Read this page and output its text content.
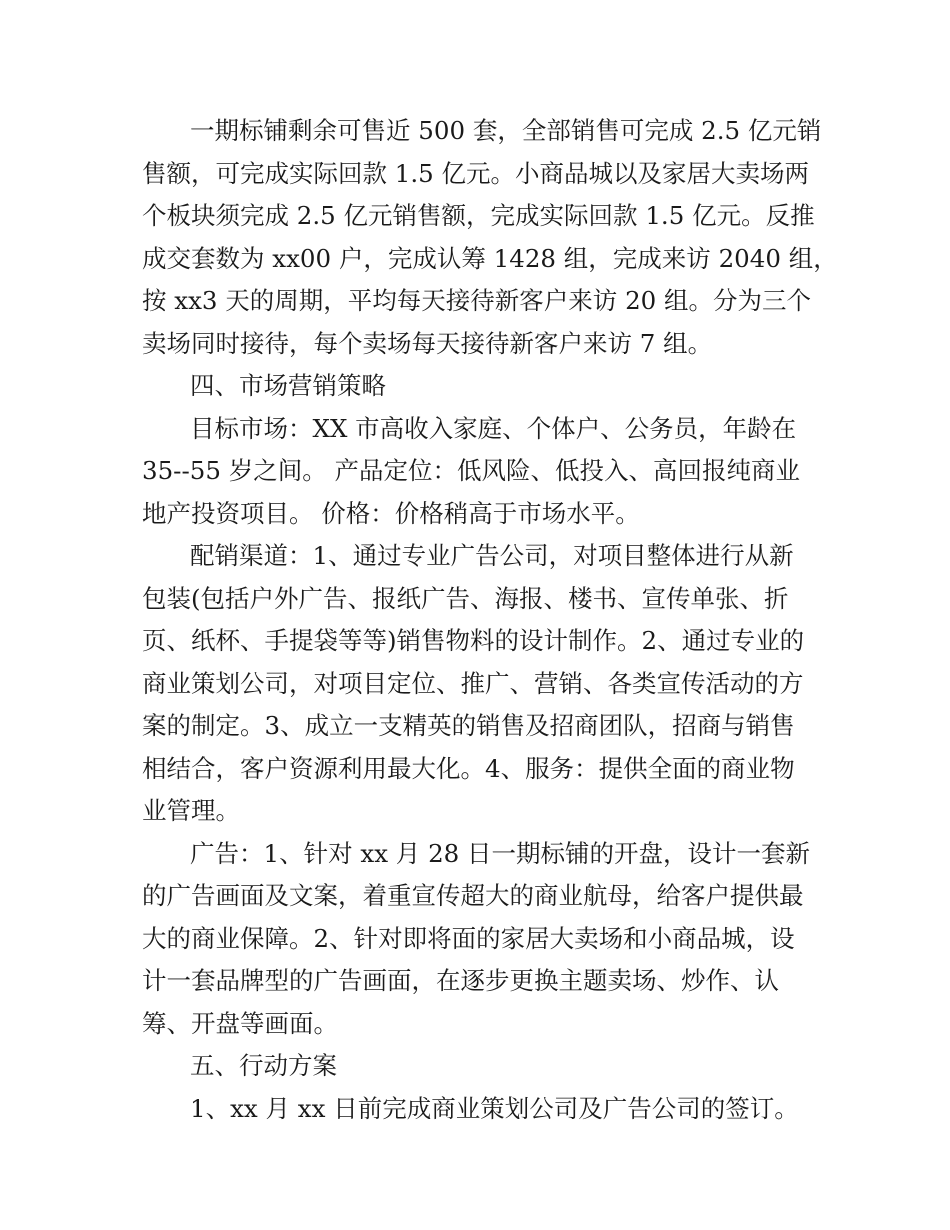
一期标铺剩余可售近 500 套，全部销售可完成 2.5 亿元销
售额，可完成实际回款 1.5 亿元。小商品城以及家居大卖场两
个板块须完成 2.5 亿元销售额，完成实际回款 1.5 亿元。反推
成交套数为 xx00 户，完成认筹 1428 组，完成来访 2040 组，
按 xx3 天的周期，平均每天接待新客户来访 20 组。分为三个
卖场同时接待，每个卖场每天接待新客户来访 7 组。
四、市场营销策略
目标市场：XX 市高收入家庭、个体户、公务员，年龄在
35--55 岁之间。 产品定位：低风险、低投入、高回报纯商业
地产投资项目。 价格：价格稍高于市场水平。
配销渠道：1、通过专业广告公司，对项目整体进行从新
包装(包括户外广告、报纸广告、海报、楼书、宣传单张、折
页、纸杯、手提袋等等)销售物料的设计制作。2、通过专业的
商业策划公司，对项目定位、推广、营销、各类宣传活动的方
案的制定。3、成立一支精英的销售及招商团队，招商与销售
相结合，客户资源利用最大化。4、服务：提供全面的商业物
业管理。
广告：1、针对 xx 月 28 日一期标铺的开盘，设计一套新
的广告画面及文案，着重宣传超大的商业航母，给客户提供最
大的商业保障。2、针对即将面的家居大卖场和小商品城，设
计一套品牌型的广告画面，在逐步更换主题卖场、炒作、认
筹、开盘等画面。
五、行动方案
1、xx 月 xx 日前完成商业策划公司及广告公司的签订。
